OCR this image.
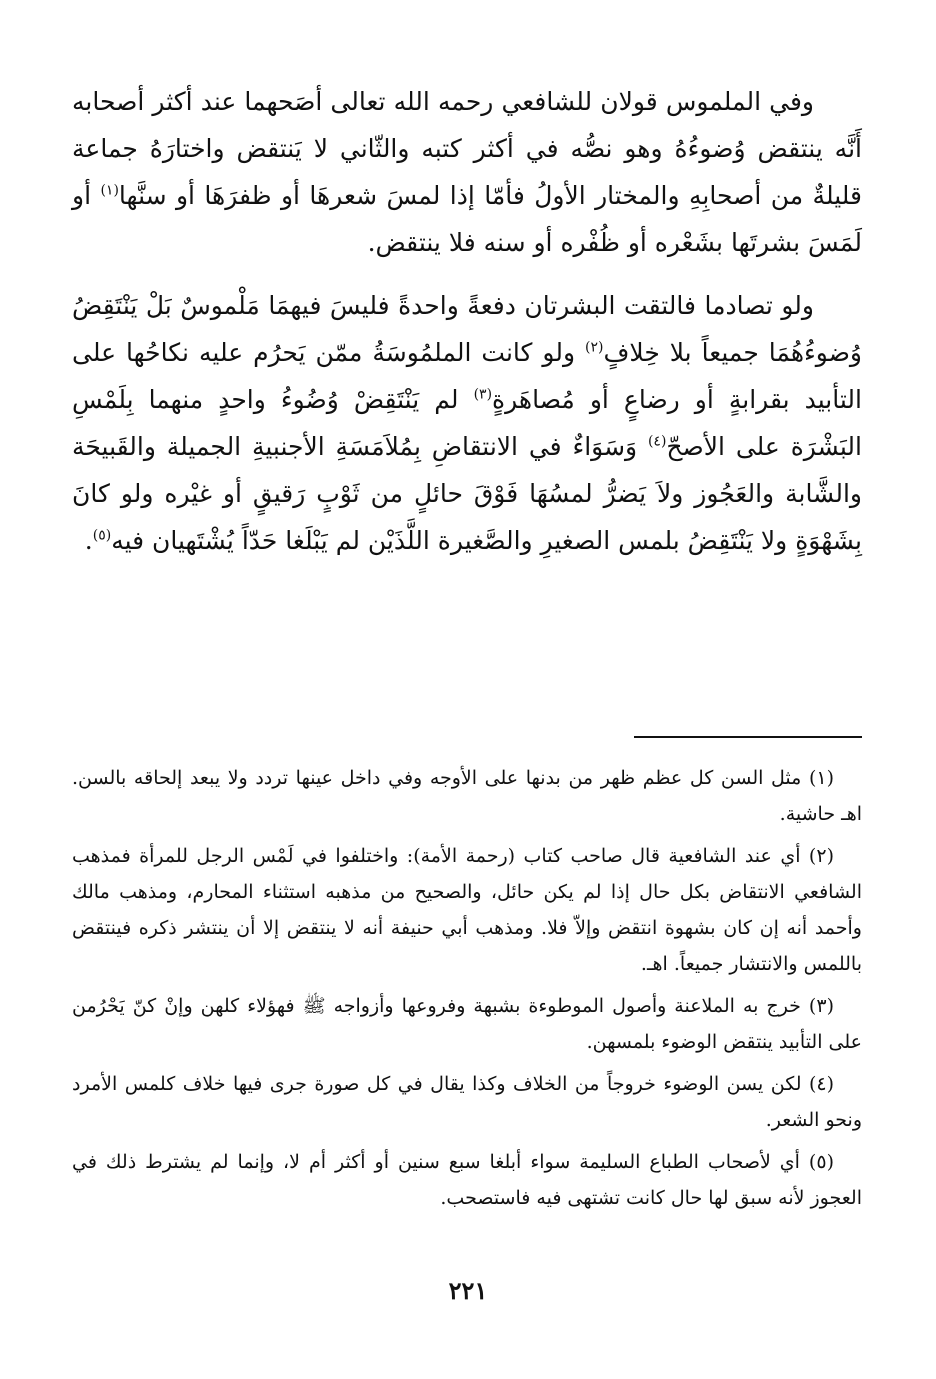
وفي الملموس قولان للشافعي رحمه الله تعالى أصَحهما عند أكثر أصحابه أَنَّه ينتقض وُضوءُهُ وهو نصُّه في أكثر كتبه والثّاني لا يَنتقض واختارَهُ جماعة قليلةٌ من أصحابِهِ والمختار الأولُ فأمّا إذا لمسَ شعرهَا أو ظفرَهَا أو سنَّها$^{(١)}$ أو لَمَسَ بشرتَها بشَعْره أو ظُفْره أو سنه فلا ينتقض.

ولو تصادما فالتقت البشرتان دفعةً واحدةً فليسَ فيهمَا مَلْموسٌ بَلْ يَنْتَقِضُ وُضوءُهُمَا جميعاً بلا خِلافٍ$^{(٢)}$ ولو كانت الملمُوسَةُ ممّن يَحرُم عليه نكاحُها على التأبيد بقرابةٍ أو رضاعٍ أو مُصاهَرةٍ$^{(٣)}$ لم يَنْتَقِضْ وُضُوءُ واحدٍ منهما بِلَمْسِ البَشْرَة على الأصحّ$^{(٤)}$ وَسَوَاءٌ في الانتقاضِ بِمُلاَمَسَةِ الأجنبيةِ الجميلة والقَبيحَة والشَّابة والعَجُوز ولاَ يَضرُّ لمسُهَا فَوْقَ حائلٍ من ثَوْبٍ رَقيقٍ أو غيْره ولو كانَ بِشَهْوَةٍ ولا يَنْتَقِضُ بلمس الصغيرِ والصَّغيرة اللَّذَيْن لم يَبْلَغا حَدّاً يُشْتَهيان فيه$^{(٥)}$.

(١) مثل السن كل عظم ظهر من بدنها على الأوجه وفي داخل عينها تردد ولا يبعد إلحاقه بالسن. اهـ حاشية.

(٢) أي عند الشافعية قال صاحب كتاب (رحمة الأمة): واختلفوا في لَمْس الرجل للمرأة فمذهب الشافعي الانتقاض بكل حال إذا لم يكن حائل، والصحيح من مذهبه استثناء المحارم، ومذهب مالك وأحمد أنه إن كان بشهوة انتقض وإلاّ فلا. ومذهب أبي حنيفة أنه لا ينتقض إلا أن ينتشر ذكره فينتقض باللمس والانتشار جميعاً. اهـ.

(٣) خرج به الملاعنة وأصول الموطوءة بشبهة وفروعها وأزواجه ﷺ فهؤلاء كلهن وإنْ كنّ يَحْرُمن على التأبيد ينتقض الوضوء بلمسهن.

(٤) لكن يسن الوضوء خروجاً من الخلاف وكذا يقال في كل صورة جرى فيها خلاف كلمس الأمرد ونحو الشعر.

(٥) أي لأصحاب الطباع السليمة سواء أبلغا سبع سنين أو أكثر أم لا، وإنما لم يشترط ذلك في العجوز لأنه سبق لها حال كانت تشتهى فيه فاستصحب.

٢٢١
